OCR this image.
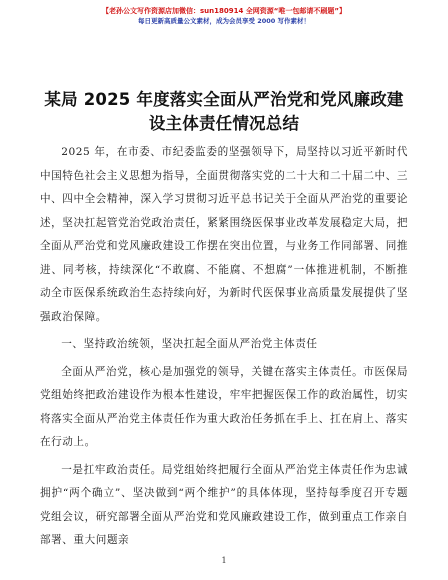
【老孙公文写作资源店加微信：sun180914 全网资源“唯一包邮请不刷题”】
每日更新高质量公文素材，成为会员享受 2000 写作素材！
某局 2025 年度落实全面从严治党和党风廉政建设主体责任情况总结

2025 年，在市委、市纪委监委的坚强领导下，局坚持以习近平新时代中国特色社会主义思想为指导，全面贯彻落实党的二十大和二十届二中、三中、四中全会精神，深入学习贯彻习近平总书记关于全面从严治党的重要论述，坚决扛起管党治党政治责任，紧紧围绕医保事业改革发展稳定大局，把全面从严治党和党风廉政建设工作摆在突出位置，与业务工作同部署、同推进、同考核，持续深化“不敢腐、不能腐、不想腐”一体推进机制，不断推动全市医保系统政治生态持续向好，为新时代医保事业高质量发展提供了坚强政治保障。

一、坚持政治统领，坚决扛起全面从严治党主体责任

全面从严治党，核心是加强党的领导，关键在落实主体责任。市医保局党组始终把政治建设作为根本性建设，牢牢把握医保工作的政治属性，切实将落实全面从严治党主体责任作为重大政治任务抓在手上、扛在肩上、落实在行动上。

一是扛牢政治责任。局党组始终把履行全面从严治党主体责任作为忠诚拥护“两个确立”、坚决做到“两个维护”的具体体现，坚持每季度召开专题党组会议，研究部署全面从严治党和党风廉政建设工作，做到重点工作亲自部署、重大问题亲

1
